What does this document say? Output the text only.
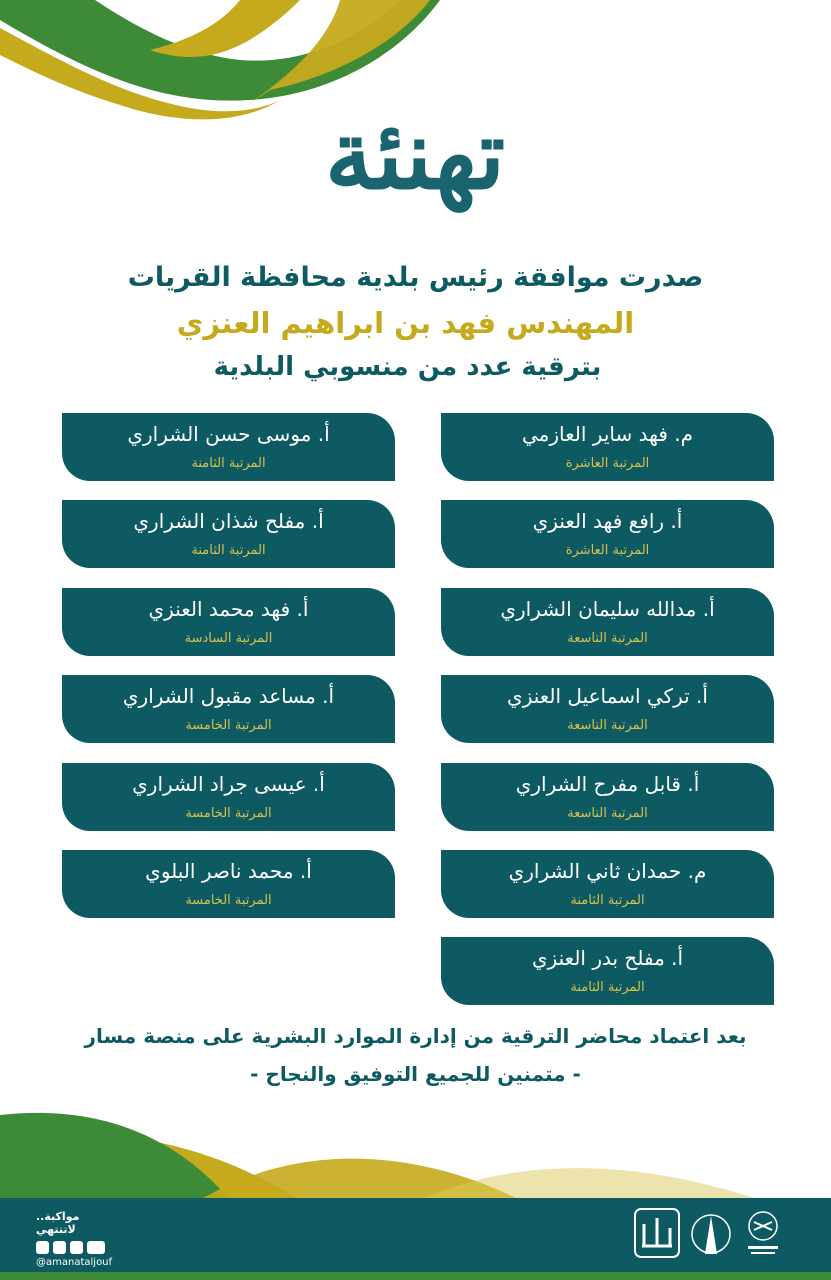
تهنئة
صدرت موافقة رئيس بلدية محافظة القريات
المهندس فهد بن ابراهيم العنزي
بترقية عدد من منسوبي البلدية
م. فهد ساير العازمي
المرتبة العاشرة
أ. رافع فهد العنزي
المرتبة العاشرة
أ. مدالله سليمان الشراري
المرتبة التاسعة
أ. تركي اسماعيل العنزي
المرتبة التاسعة
أ. قابل مفرح الشراري
المرتبة التاسعة
م. حمدان ثاني الشراري
المرتبة الثامنة
أ. مفلح بدر العنزي
المرتبة الثامنة
أ. موسى حسن الشراري
المرتبة الثامنة
أ. مفلح شذان الشراري
المرتبة الثامنة
أ. فهد محمد العنزي
المرتبة السادسة
أ. مساعد مقبول الشراري
المرتبة الخامسة
أ. عيسى جراد الشراري
المرتبة الخامسة
أ. محمد ناصر البلوي
المرتبة الخامسة
بعد اعتماد محاضر الترقية من إدارة الموارد البشرية على منصة مسار
- متمنين للجميع التوفيق والنجاح -
مواكبة.. لاتنتهي
@amanataljouf
